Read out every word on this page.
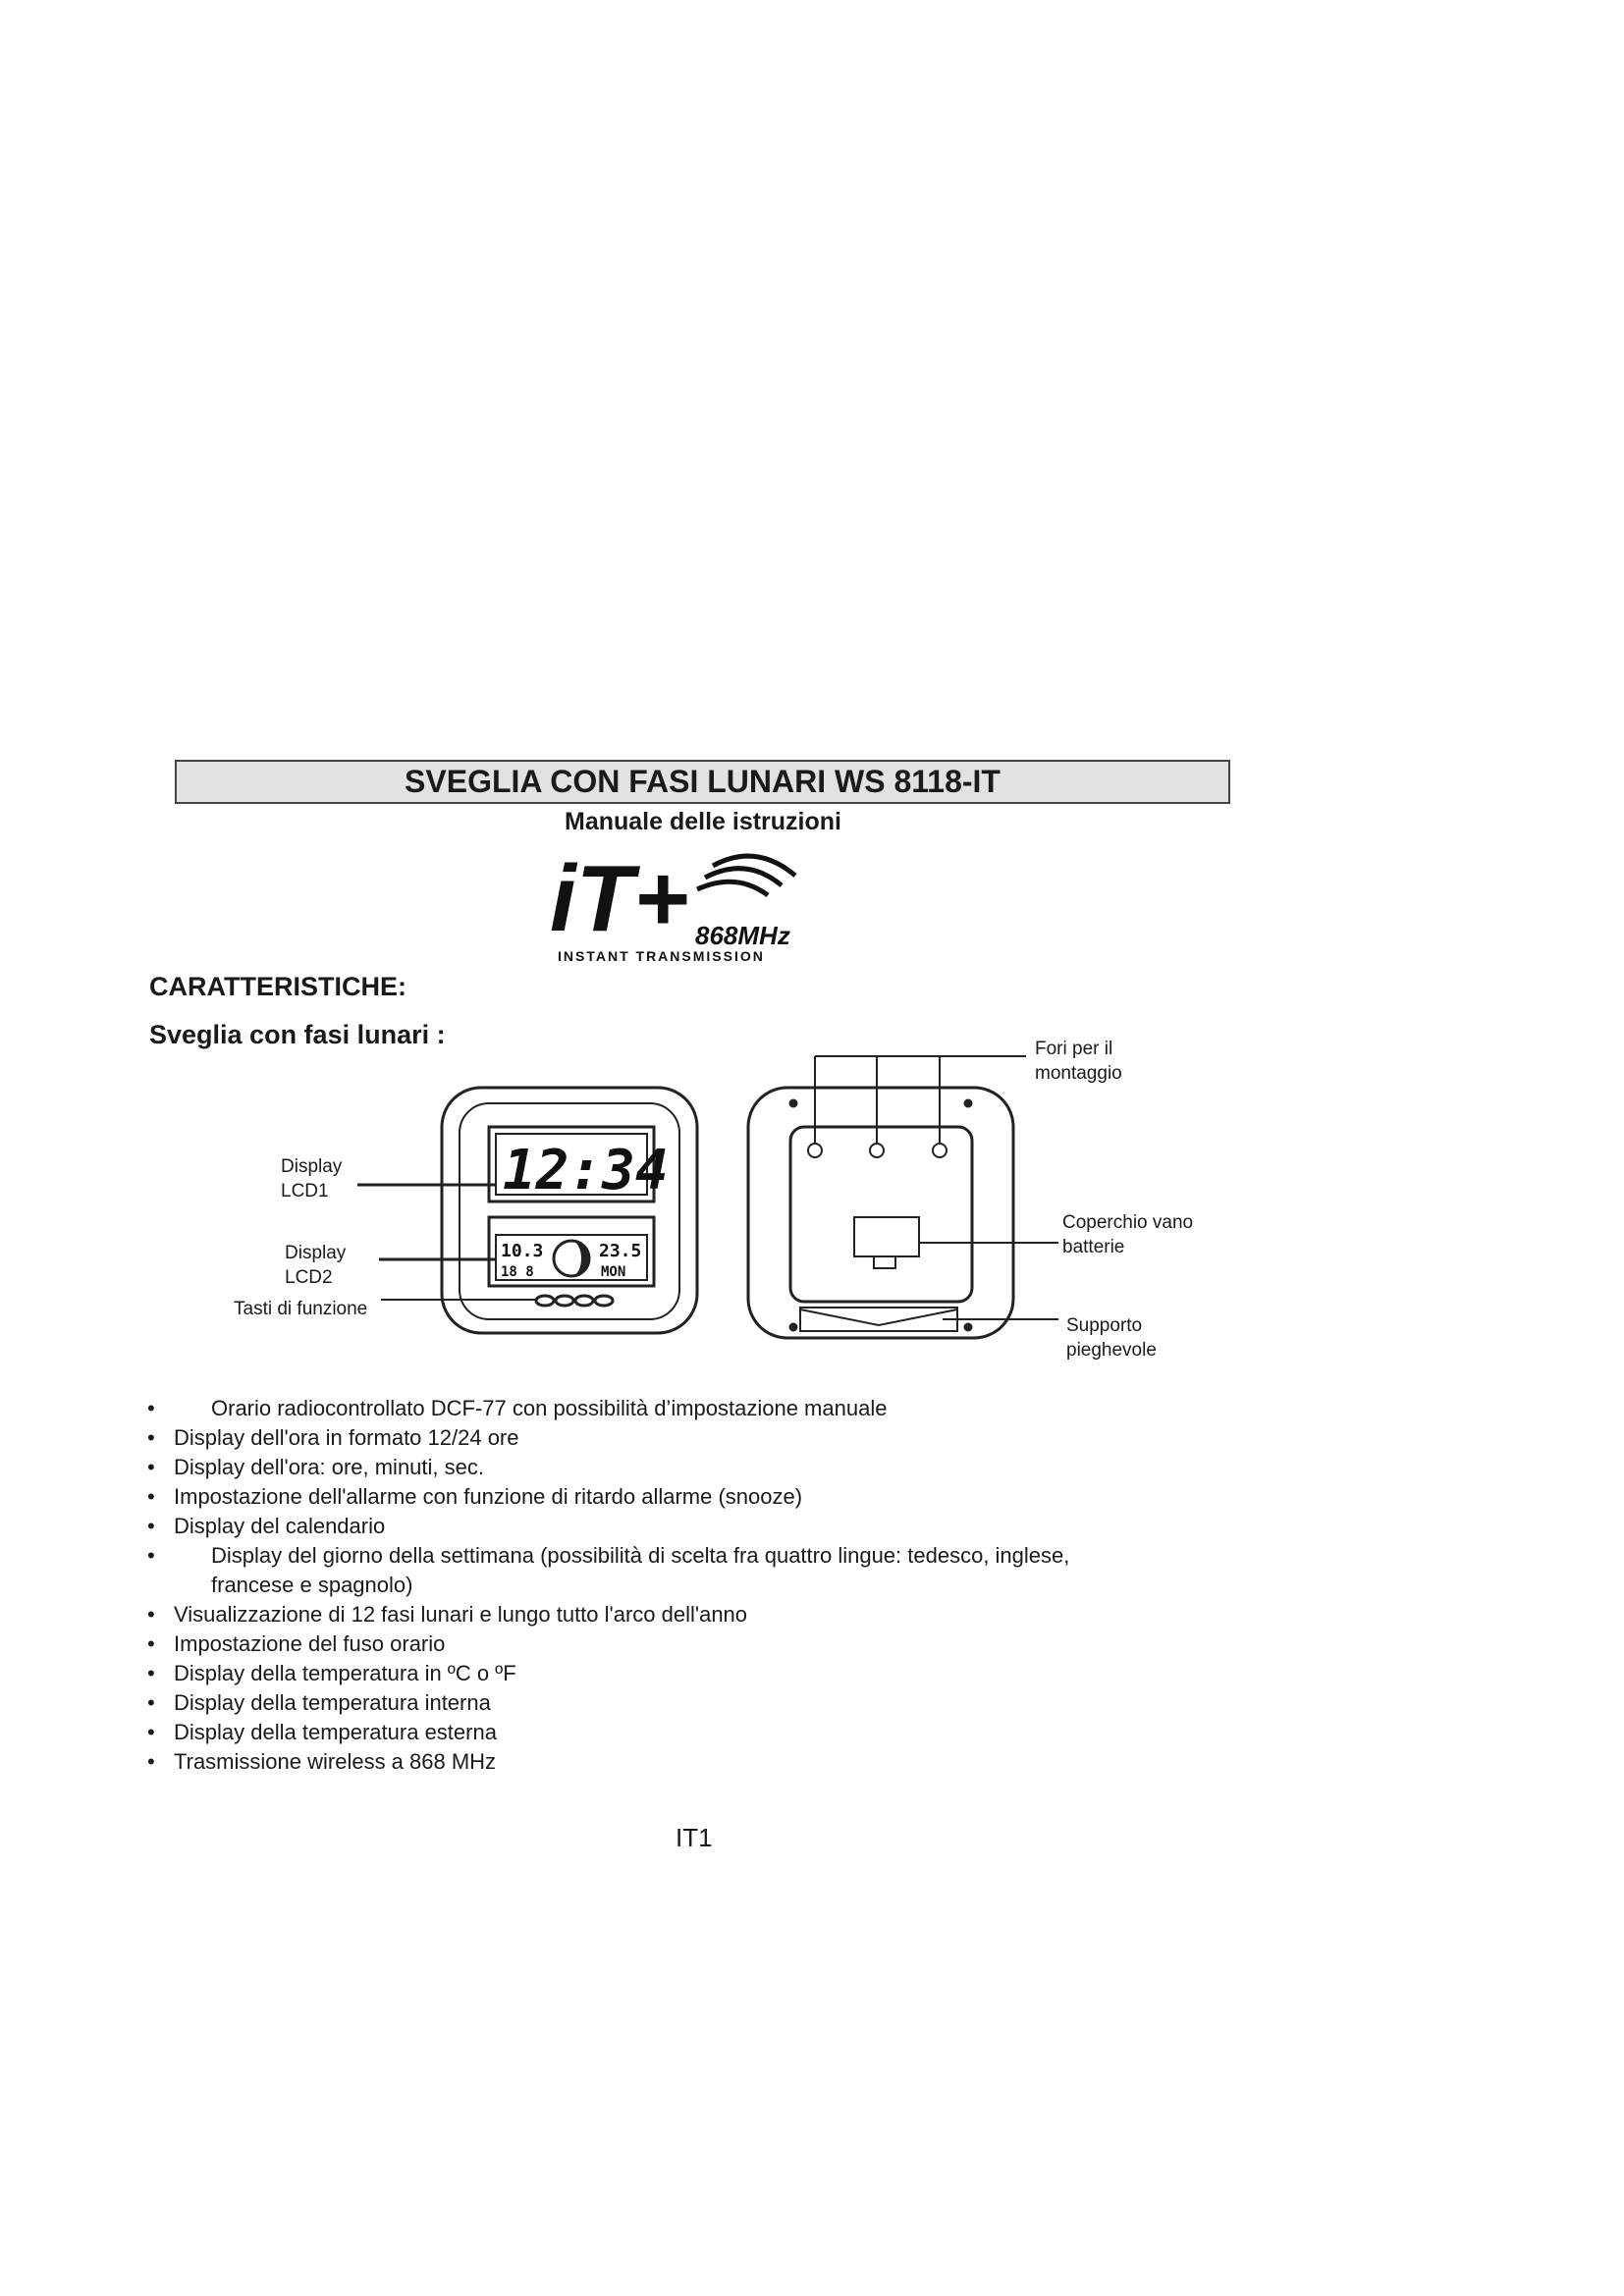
SVEGLIA CON FASI LUNARI WS 8118-IT
Manuale delle istruzioni
iT+ 868MHz
INSTANT TRANSMISSION
CARATTERISTICHE:
Sveglia con fasi lunari :
12:34
10.3
18 8
23.5
MON
Display
LCD1
Display
LCD2
Tasti di funzione
Fori per il
montaggio
Coperchio vano
batterie
Supporto
pieghevole
•	Orario radiocontrollato DCF-77 con possibilità d’impostazione manuale
• Display dell'ora in formato 12/24 ore
• Display dell'ora: ore, minuti, sec.
• Impostazione dell'allarme con funzione di ritardo allarme (snooze)
• Display del calendario
•	Display del giorno della settimana (possibilità di scelta fra quattro lingue: tedesco, inglese,
francese e spagnolo)
• Visualizzazione di 12 fasi lunari e lungo tutto l'arco dell'anno
• Impostazione del fuso orario
• Display della temperatura in ºC o ºF
• Display della temperatura interna
• Display della temperatura esterna
• Trasmissione wireless a 868 MHz
IT1
